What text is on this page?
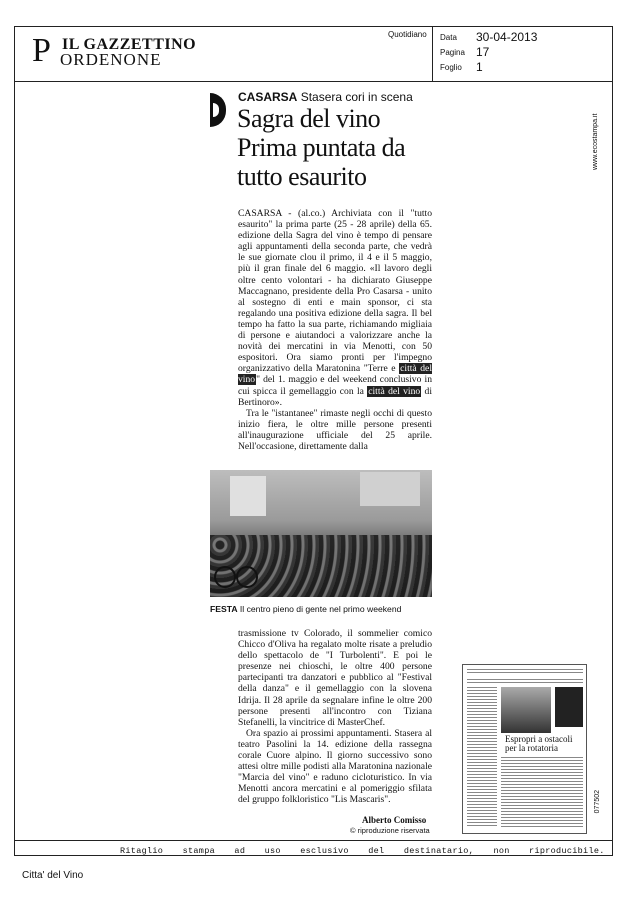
P IL GAZZETTINO
ORDENONE
Quotidiano Data 30-04-2013
Pagina 17
Foglio 1
www.ecostampa.it
077502
CASARSA Stasera cori in scena
Sagra del vino Prima puntata da tutto esaurito

CASARSA - (al.co.) Archiviata con il "tutto esaurito" la prima parte (25 - 28 aprile) della 65. edizione della Sagra del vino è tempo di pensare agli appuntamenti della seconda parte, che vedrà le sue giornate clou il primo, il 4 e il 5 maggio, più il gran finale del 6 maggio. «Il lavoro degli oltre cento volontari - ha dichiarato Giuseppe Maccagnano, presidente della Pro Casarsa - unito al sostegno di enti e main sponsor, ci sta regalando una positiva edizione della sagra. Il bel tempo ha fatto la sua parte, richiamando migliaia di persone e aiutandoci a valorizzare anche la novità dei mercatini in via Menotti, con 50 espositori. Ora siamo pronti per l'impegno organizzativo della Maratonina "Terre e città del vino" del 1. maggio e del weekend conclusivo in cui spicca il gemellaggio con la città del vino di Bertinoro».

Tra le "istantanee" rimaste negli occhi di questo inizio fiera, le oltre mille persone presenti all'inaugurazione ufficiale del 25 aprile. Nell'occasione, direttamente dalla

FESTA Il centro pieno di gente nel primo weekend

trasmissione tv Colorado, il sommelier comico Chicco d'Oliva ha regalato molte risate a preludio dello spettacolo de "I Turbolenti". E poi le presenze nei chioschi, le oltre 400 persone partecipanti tra danzatori e pubblico al "Festival della danza" e il gemellaggio con la slovena Idrija. Il 28 aprile da segnalare infine le oltre 200 persone presenti all'incontro con Tiziana Stefanelli, la vincitrice di MasterChef.

Ora spazio ai prossimi appuntamenti. Stasera al teatro Pasolini la 14. edizione della rassegna corale Cuore alpino. Il giorno successivo sono attesi oltre mille podisti alla Maratonina nazionale "Marcia del vino" e raduno cicloturistico. In via Menotti ancora mercatini e al pomeriggio sfilata del gruppo folkloristico "Lis Mascaris".

Alberto Comisso
© riproduzione riservata
Espropri a ostacoli per la rotatoria
Ritaglio stampa ad uso esclusivo del destinatario, non riproducibile.
Citta' del Vino
